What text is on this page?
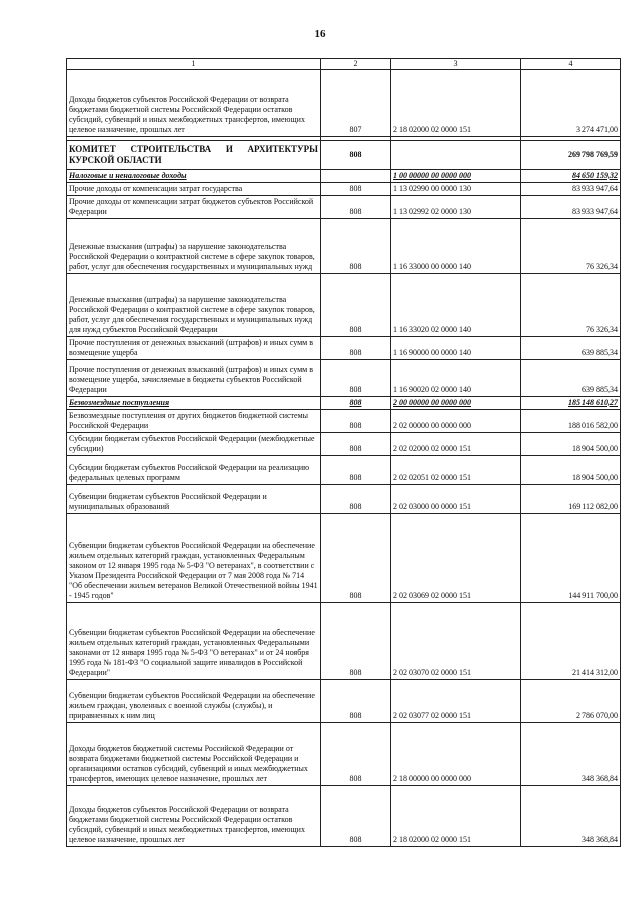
16
1	2	3	4
Доходы бюджетов субъектов Российской Федерации от возврата бюджетами бюджетной системы Российской Федерации остатков субсидий, субвенций и иных межбюджетных трансфертов, имеющих целевое назначение, прошлых лет	807	2 18 02000 02 0000 151	3 274 471,00

КОМИТЕТ СТРОИТЕЛЬСТВА И АРХИТЕКТУРЫ КУРСКОЙ ОБЛАСТИ	808		269 798 769,59
Налоговые и неналоговые доходы		1 00 00000 00 0000 000	84 650 159,32
Прочие доходы от компенсации затрат государства	808	1 13 02990 00 0000 130	83 933 947,64
Прочие доходы от компенсации затрат бюджетов субъектов Российской Федерации	808	1 13 02992 02 0000 130	83 933 947,64
Денежные взыскания (штрафы) за нарушение законодательства Российской Федерации о контрактной системе в сфере закупок товаров, работ, услуг для обеспечения государственных и муниципальных нужд	808	1 16 33000 00 0000 140	76 326,34
Денежные взыскания (штрафы) за нарушение законодательства Российской Федерации о контрактной системе в сфере закупок товаров, работ, услуг для обеспечения государственных и муниципальных нужд для нужд субъектов Российской Федерации	808	1 16 33020 02 0000 140	76 326,34
Прочие поступления от денежных взысканий (штрафов) и иных сумм в возмещение ущерба	808	1 16 90000 00 0000 140	639 885,34
Прочие поступления от денежных взысканий (штрафов) и иных сумм в возмещение ущерба, зачисляемые в бюджеты субъектов Российской Федерации	808	1 16 90020 02 0000 140	639 885,34
Безвозмездные поступления	808	2 00 00000 00 0000 000	185 148 610,27
Безвозмездные поступления от других бюджетов бюджетной системы Российской Федерации	808	2 02 00000 00 0000 000	188 016 582,00
Субсидии бюджетам субъектов Российской Федерации (межбюджетные субсидии)	808	2 02 02000 02 0000 151	18 904 500,00
Субсидии бюджетам субъектов Российской Федерации на реализацию федеральных целевых программ	808	2 02 02051 02 0000 151	18 904 500,00
Субвенции бюджетам субъектов Российской Федерации и муниципальных образований	808	2 02 03000 00 0000 151	169 112 082,00
Субвенции бюджетам субъектов Российской Федерации на обеспечение жильем отдельных категорий граждан, установленных Федеральным законом от 12 января 1995 года № 5-ФЗ "О ветеранах", в соответствии с Указом Президента Российской Федерации от 7 мая 2008 года № 714 "Об обеспечении жильем ветеранов Великой Отечественной войны 1941 - 1945 годов"	808	2 02 03069 02 0000 151	144 911 700,00
Субвенции бюджетам субъектов Российской Федерации на обеспечение жильем отдельных категорий граждан, установленных Федеральными законами от 12 января 1995 года № 5-ФЗ "О ветеранах" и от 24 ноября 1995 года № 181-ФЗ "О социальной защите инвалидов в Российской Федерации"	808	2 02 03070 02 0000 151	21 414 312,00
Субвенции бюджетам субъектов Российской Федерации на обеспечение жильем граждан, уволенных с военной службы (службы), и приравненных к ним лиц	808	2 02 03077 02 0000 151	2 786 070,00
Доходы бюджетов бюджетной системы Российской Федерации от возврата бюджетами бюджетной системы Российской Федерации и организациями остатков субсидий, субвенций и иных межбюджетных трансфертов, имеющих целевое назначение, прошлых лет	808	2 18 00000 00 0000 000	348 368,84
Доходы бюджетов субъектов Российской Федерации от возврата бюджетами бюджетной системы Российской Федерации остатков субсидий, субвенций и иных межбюджетных трансфертов, имеющих целевое назначение, прошлых лет	808	2 18 02000 02 0000 151	348 368,84
